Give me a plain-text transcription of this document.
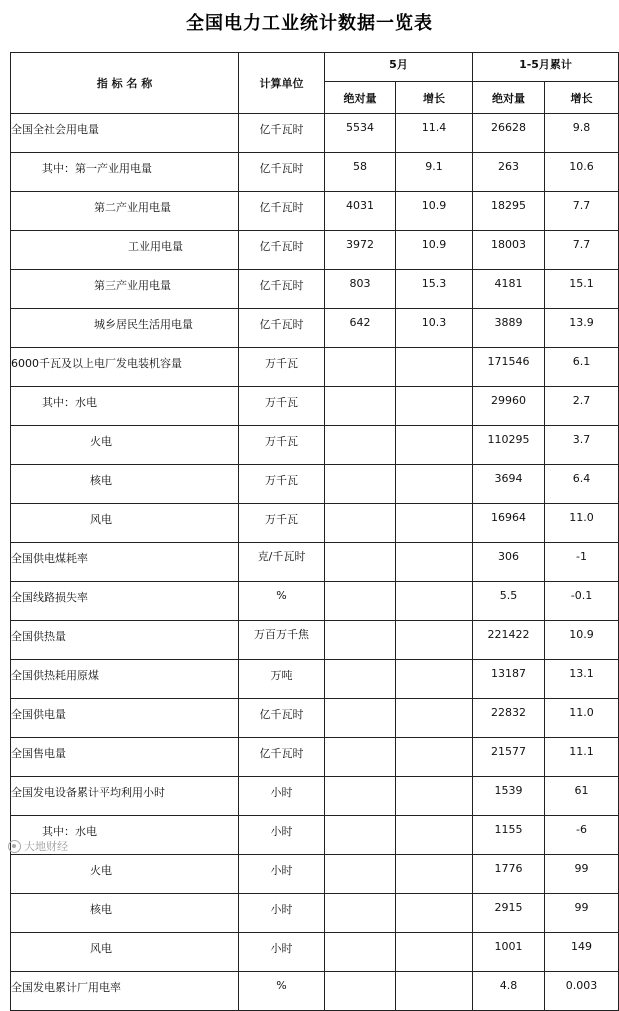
全国电力工业统计数据一览表
指 标 名 称	计算单位	5月		1-5月累计	
		绝对量	增长	绝对量	增长
全国全社会用电量	亿千瓦时	5534	11.4	26628	9.8
其中：第一产业用电量	亿千瓦时	58	9.1	263	10.6
第二产业用电量	亿千瓦时	4031	10.9	18295	7.7
工业用电量	亿千瓦时	3972	10.9	18003	7.7
第三产业用电量	亿千瓦时	803	15.3	4181	15.1
城乡居民生活用电量	亿千瓦时	642	10.3	3889	13.9
6000千瓦及以上电厂发电装机容量	万千瓦			171546	6.1
其中：水电	万千瓦			29960	2.7
火电	万千瓦			110295	3.7
核电	万千瓦			3694	6.4
风电	万千瓦			16964	11.0
全国供电煤耗率	克/千瓦时			306	-1
全国线路损失率	%			5.5	-0.1
全国供热量	万百万千焦			221422	10.9
全国供热耗用原煤	万吨			13187	13.1
全国供电量	亿千瓦时			22832	11.0
全国售电量	亿千瓦时			21577	11.1
全国发电设备累计平均利用小时	小时			1539	61
其中：水电	小时			1155	-6
火电	小时			1776	99
核电	小时			2915	99
风电	小时			1001	149
全国发电累计厂用电率	%			4.8	0.003
大地财经
